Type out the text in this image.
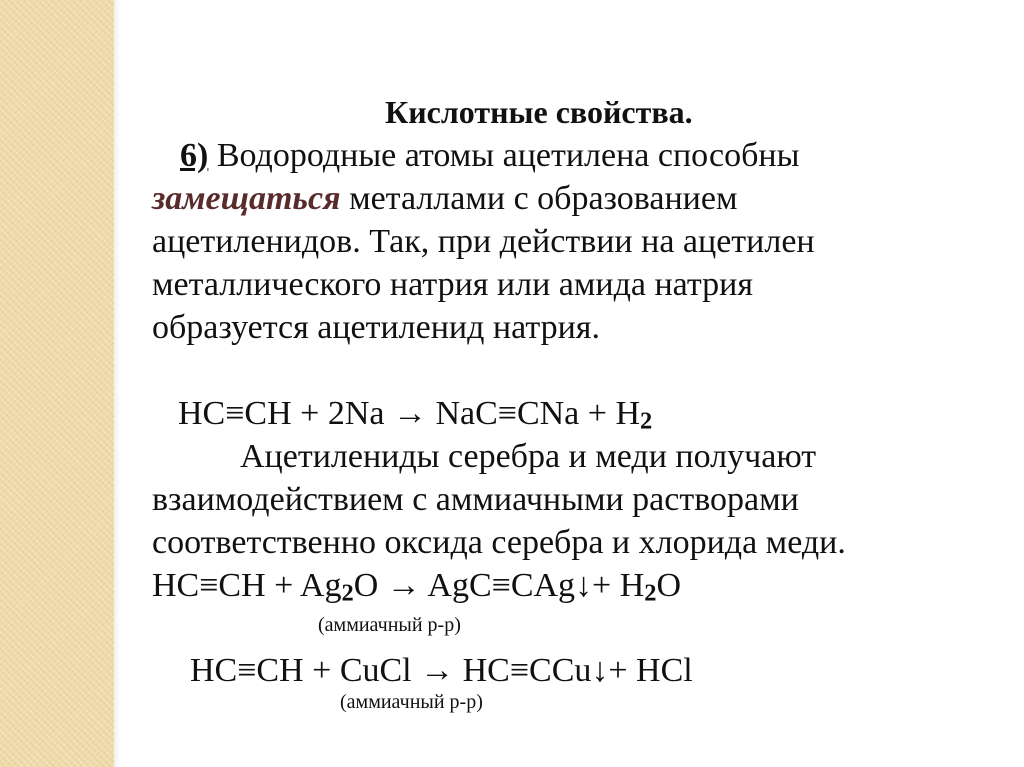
Кислотные свойства.
6) Водородные атомы ацетилена способны
замещаться металлами с образованием
ацетиленидов. Так, при действии на ацетилен
металлического натрия или амида натрия
образуется ацетиленид натрия.
$HC\equiv CH + 2Na \to NaC\equiv CNa + H_2$
Ацетилениды серебра и меди получают
взаимодействием с аммиачными растворами
соответственно оксида серебра и хлорида меди.
$HC\equiv CH + Ag_2O$ → AgC≡CAg↓+ $H_2O$
(аммиачный р-р)
HC≡CH + CuCl → HC≡CCu↓+ HCl
(аммиачный р-р)
